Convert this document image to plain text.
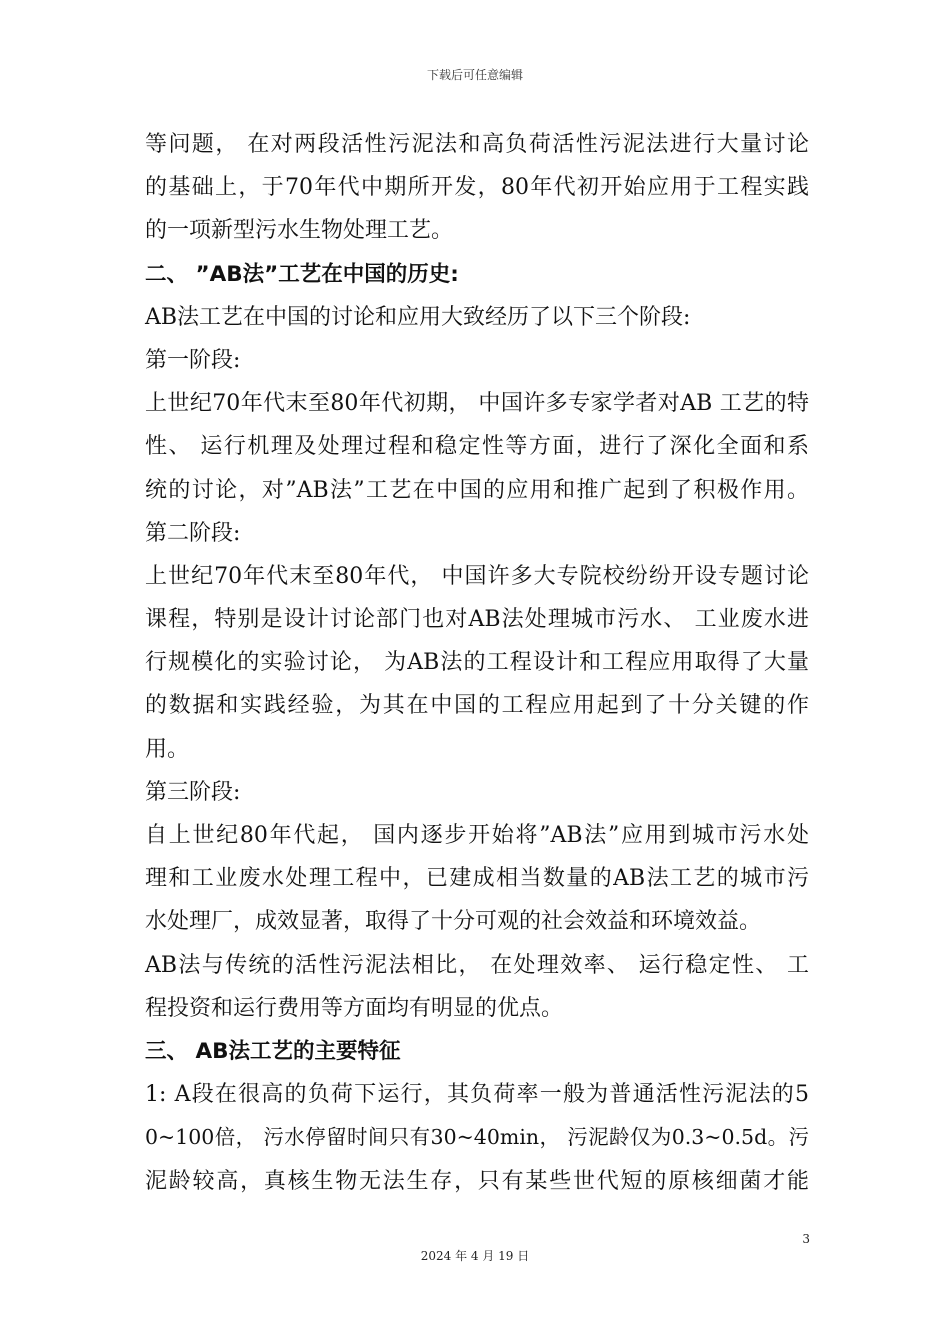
下载后可任意编辑
等问题， 在对两段活性污泥法和高负荷活性污泥法进行大量讨论
的基础上，于70年代中期所开发，80年代初开始应用于工程实践
的一项新型污水生物处理工艺。
二、 ”AB法”工艺在中国的历史:
AB法工艺在中国的讨论和应用大致经历了以下三个阶段:
第一阶段:
上世纪70年代末至80年代初期， 中国许多专家学者对AB 工艺的特
性、 运行机理及处理过程和稳定性等方面，进行了深化全面和系
统的讨论，对”AB法”工艺在中国的应用和推广起到了积极作用。
第二阶段:
上世纪70年代末至80年代， 中国许多大专院校纷纷开设专题讨论
课程，特别是设计讨论部门也对AB法处理城市污水、 工业废水进
行规模化的实验讨论， 为AB法的工程设计和工程应用取得了大量
的数据和实践经验，为其在中国的工程应用起到了十分关键的作
用。
第三阶段:
自上世纪80年代起， 国内逐步开始将”AB法”应用到城市污水处
理和工业废水处理工程中，已建成相当数量的AB法工艺的城市污
水处理厂，成效显著，取得了十分可观的社会效益和环境效益。
AB法与传统的活性污泥法相比， 在处理效率、 运行稳定性、 工
程投资和运行费用等方面均有明显的优点。
三、 AB法工艺的主要特征
1: A段在很高的负荷下运行，其负荷率一般为普通活性污泥法的5
0~100倍， 污水停留时间只有30~40min， 污泥龄仅为0.3~0.5d。污
泥龄较高，真核生物无法生存，只有某些世代短的原核细菌才能
3
2024 年 4 月 19 日
